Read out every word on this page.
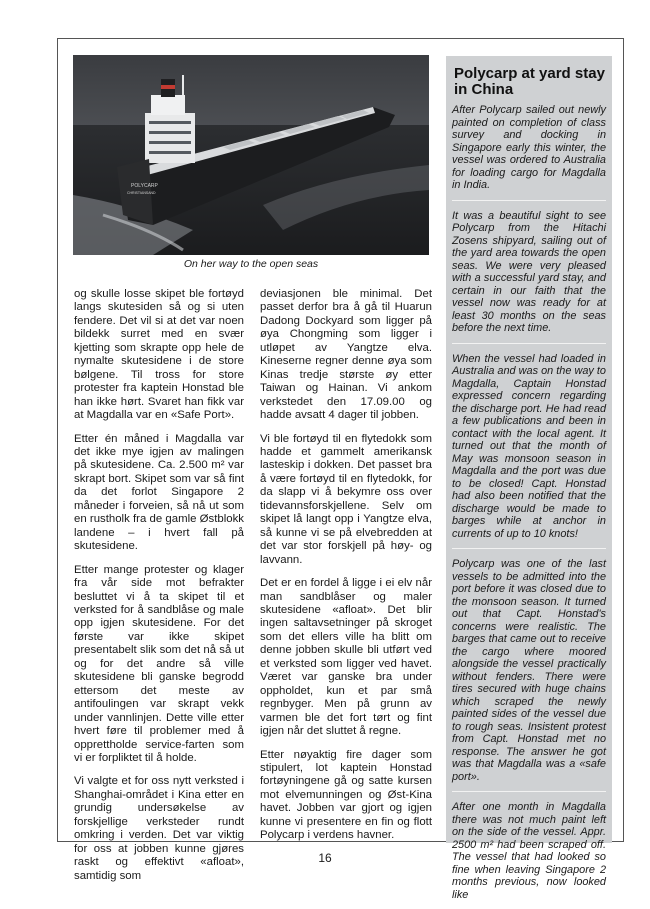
POLYCARP
CHRISTIANSAND
On her way to the open seas

og skulle losse skipet ble fortøyd langs skutesiden så og si uten fendere. Det vil si at det var noen bildekk surret med en svær kjetting som skrapte opp hele de nymalte skutesidene i de store bølgene. Til tross for store protester fra kaptein Honstad ble han ikke hørt. Svaret han fikk var at Magdalla var en «Safe Port».

Etter én måned i Magdalla var det ikke mye igjen av malingen på skutesidene. Ca. 2.500 m² var skrapt bort. Skipet som var så fint da det forlot Singapore 2 måneder i forveien, så nå ut som en rustholk fra de gamle Østblokk landene – i hvert fall på skutesidene.

Etter mange protester og klager fra vår side mot befrakter besluttet vi å ta skipet til et verksted for å sandblåse og male opp igjen skutesidene. For det første var ikke skipet presentabelt slik som det nå så ut og for det andre så ville skutesidene bli ganske begrodd ettersom det meste av antifoulingen var skrapt vekk under vannlinjen. Dette ville etter hvert føre til problemer med å opprettholde service-farten som vi er forpliktet til å holde.

Vi valgte et for oss nytt verksted i Shanghai-området i Kina etter en grundig undersøkelse av forskjellige verksteder rundt omkring i verden. Det var viktig for oss at jobben kunne gjøres raskt og effektivt «afloat», samtidig som

deviasjonen ble minimal. Det passet derfor bra å gå til Huarun Dadong Dockyard som ligger på øya Chongming som ligger i utløpet av Yangtze elva. Kineserne regner denne øya som Kinas tredje største øy etter Taiwan og Hainan. Vi ankom verkstedet den 17.09.00 og hadde avsatt 4 dager til jobben.

Vi ble fortøyd til en flytedokk som hadde et gammelt amerikansk lasteskip i dokken. Det passet bra å være fortøyd til en flytedokk, for da slapp vi å bekymre oss over tidevannsforskjellene. Selv om skipet lå langt opp i Yangtze elva, så kunne vi se på elvebredden at det var stor forskjell på høy- og lavvann.

Det er en fordel å ligge i ei elv når man sandblåser og maler skutesidene «afloat». Det blir ingen saltavsetninger på skroget som det ellers ville ha blitt om denne jobben skulle bli utført ved et verksted som ligger ved havet. Været var ganske bra under oppholdet, kun et par små regnbyger. Men på grunn av varmen ble det fort tørt og fint igjen når det sluttet å regne.

Etter nøyaktig fire dager som stipulert, lot kaptein Honstad fortøyningene gå og satte kursen mot elvemunningen og Øst-Kina havet. Jobben var gjort og igjen kunne vi presentere en fin og flott Polycarp i verdens havner.

Polycarp at yard stay in China

After Polycarp sailed out newly painted on completion of class survey and docking in Singapore early this winter, the vessel was ordered to Australia for loading cargo for Magdalla in India.

It was a beautiful sight to see Polycarp from the Hitachi Zosens shipyard, sailing out of the yard area towards the open seas. We were very pleased with a successful yard stay, and certain in our faith that the vessel now was ready for at least 30 months on the seas before the next time.

When the vessel had loaded in Australia and was on the way to Magdalla, Captain Honstad expressed concern regarding the discharge port. He had read a few publications and been in contact with the local agent. It turned out that the month of May was monsoon season in Magdalla and the port was due to be closed! Capt. Honstad had also been notified that the discharge would be made to barges while at anchor in currents of up to 10 knots!

Polycarp was one of the last vessels to be admitted into the port before it was closed due to the monsoon season. It turned out that Capt. Honstad's concerns were realistic. The barges that came out to receive the cargo where moored alongside the vessel practically without fenders. There were tires secured with huge chains which scraped the newly painted sides of the vessel due to rough seas. Insistent protest from Capt. Honstad met no response. The answer he got was that Magdalla was a «safe port».

After one month in Magdalla there was not much paint left on the side of the vessel. Appr. 2500 m² had been scraped off. The vessel that had looked so fine when leaving Singapore 2 months previous, now looked like

16
